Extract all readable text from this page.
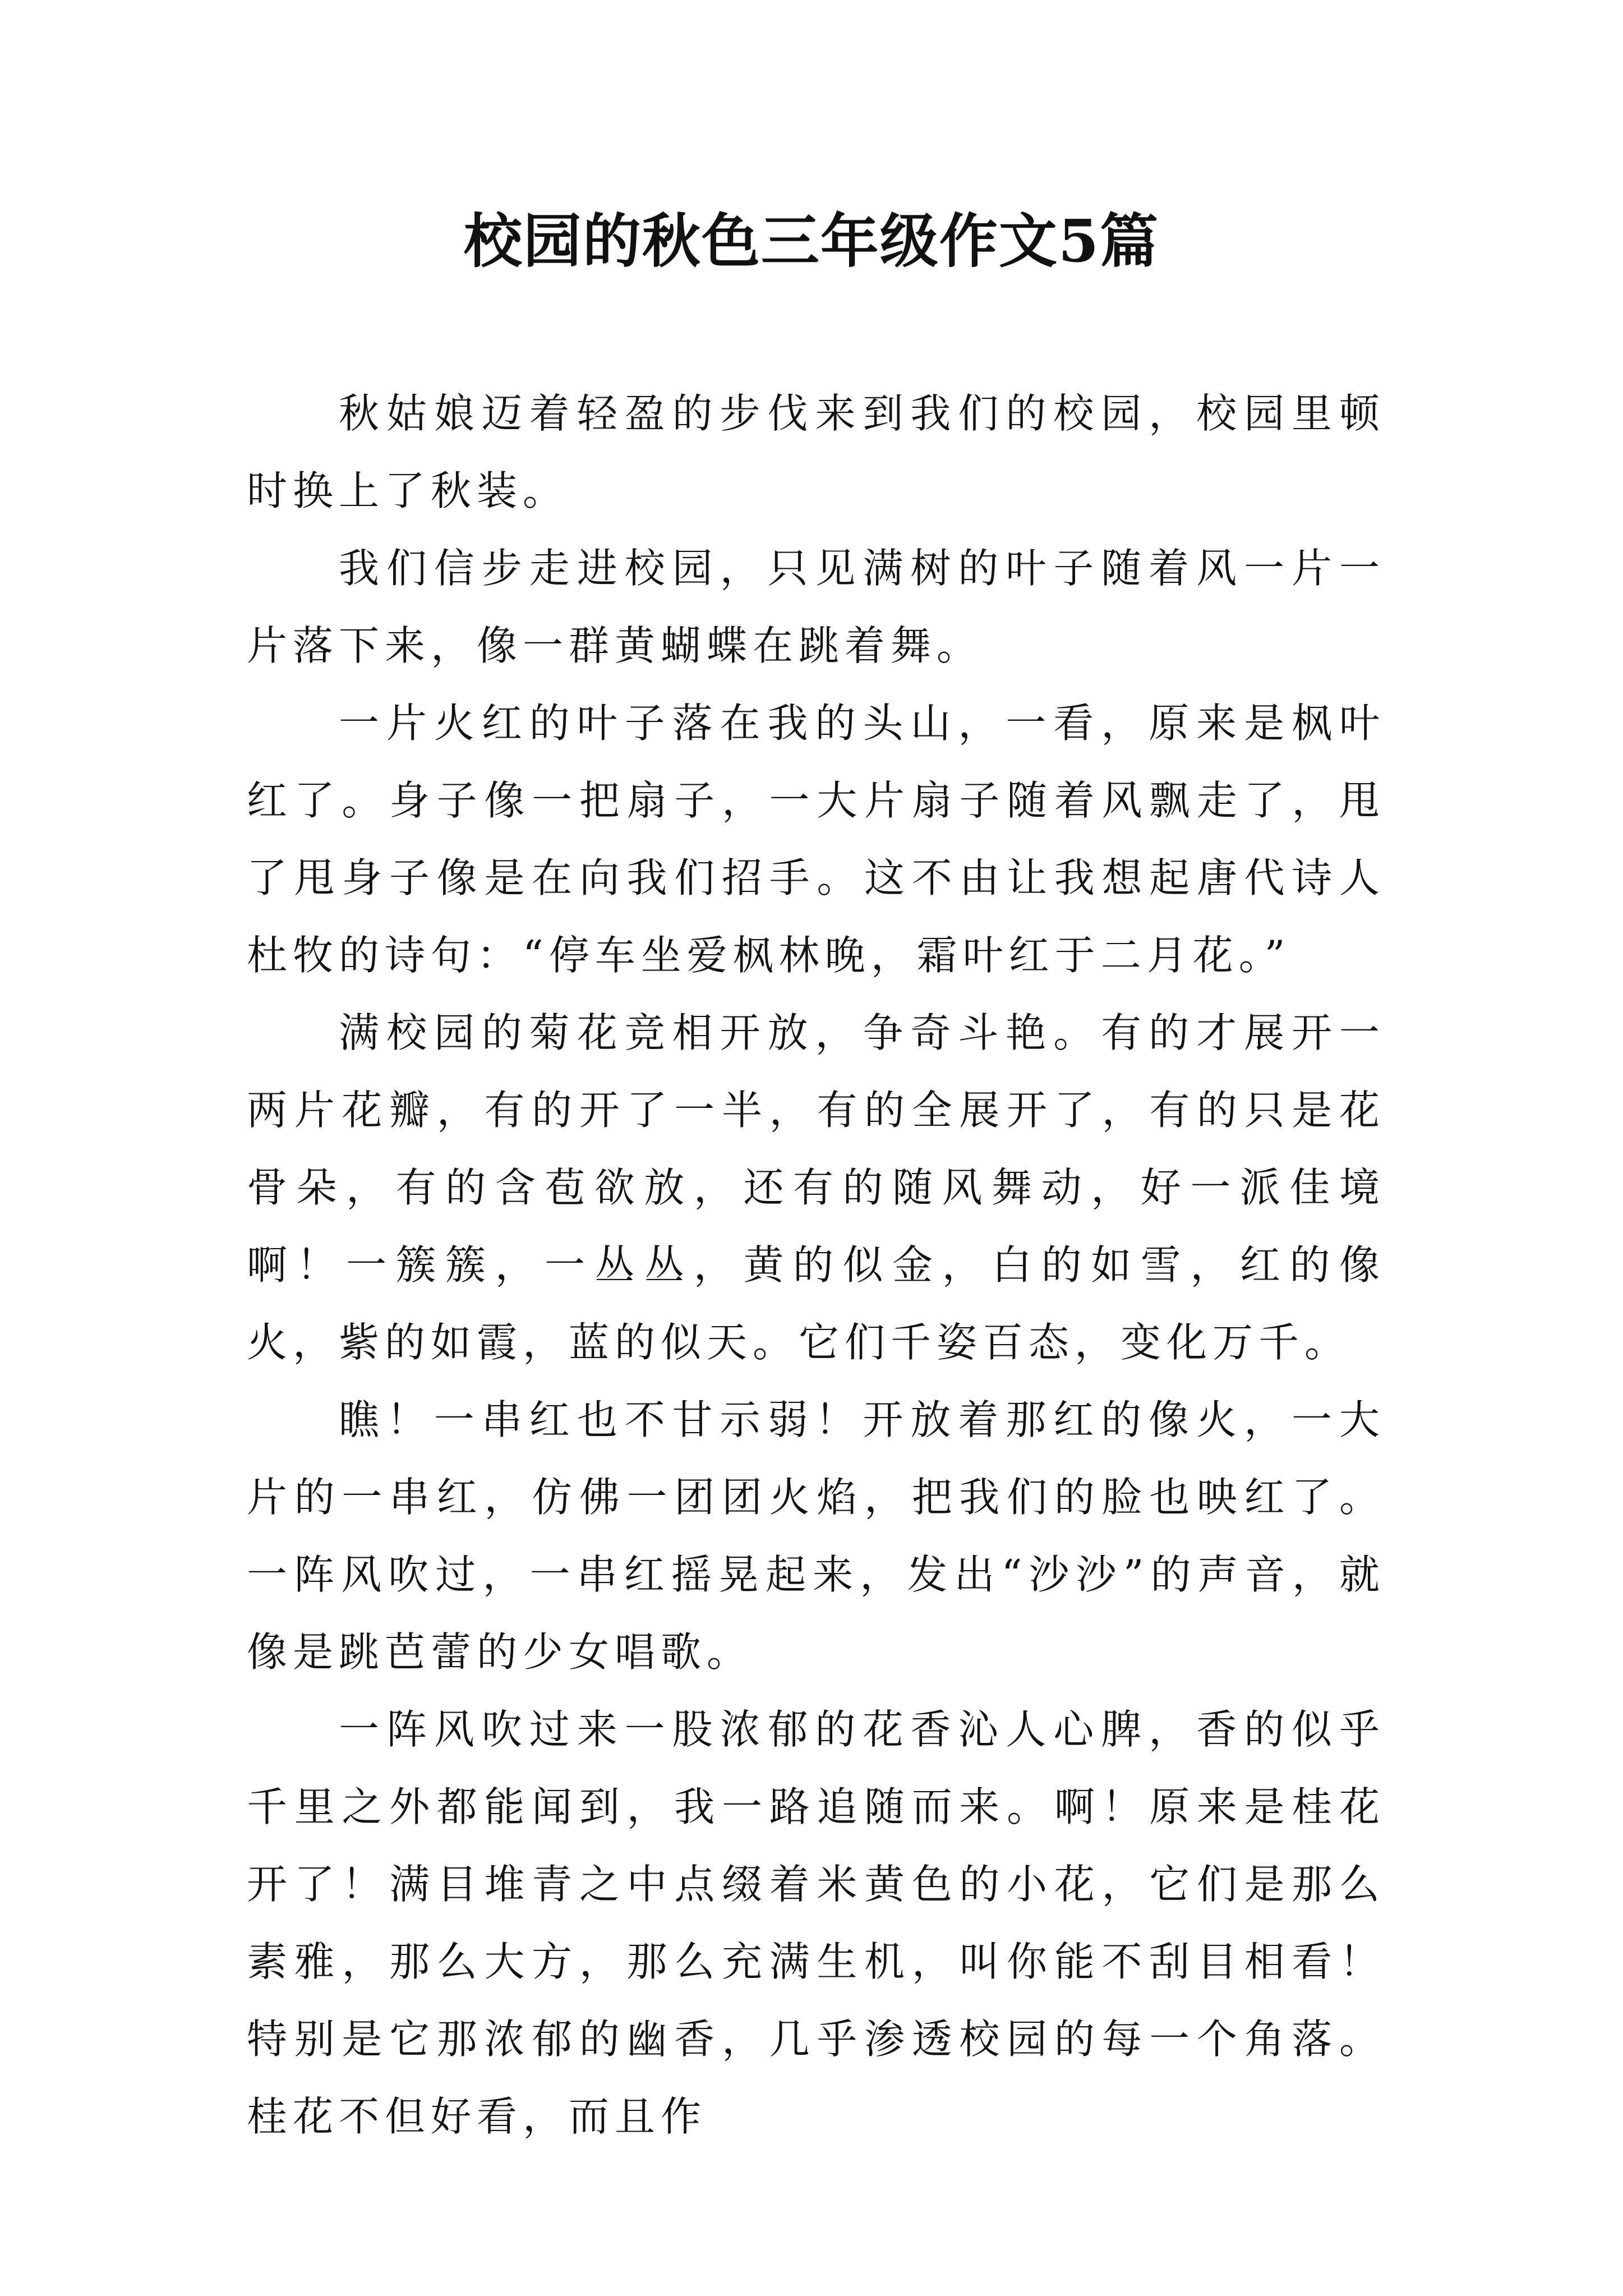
校园的秋色三年级作文5篇

秋姑娘迈着轻盈的步伐来到我们的校园，校园里顿时换上了秋装。

我们信步走进校园，只见满树的叶子随着风一片一片落下来，像一群黄蝴蝶在跳着舞。

一片火红的叶子落在我的头山，一看，原来是枫叶红了。身子像一把扇子，一大片扇子随着风飘走了，甩了甩身子像是在向我们招手。这不由让我想起唐代诗人杜牧的诗句：“停车坐爱枫林晚，霜叶红于二月花。”

满校园的菊花竞相开放，争奇斗艳。有的才展开一两片花瓣，有的开了一半，有的全展开了，有的只是花骨朵，有的含苞欲放，还有的随风舞动，好一派佳境啊！一簇簇，一丛丛，黄的似金，白的如雪，红的像火，紫的如霞，蓝的似天。它们千姿百态，变化万千。

瞧！一串红也不甘示弱！开放着那红的像火，一大片的一串红，仿佛一团团火焰，把我们的脸也映红了。一阵风吹过，一串红摇晃起来，发出“沙沙”的声音，就像是跳芭蕾的少女唱歌。

一阵风吹过来一股浓郁的花香沁人心脾，香的似乎千里之外都能闻到，我一路追随而来。啊！原来是桂花开了！满目堆青之中点缀着米黄色的小花，它们是那么素雅，那么大方，那么充满生机，叫你能不刮目相看！特别是它那浓郁的幽香，几乎渗透校园的每一个角落。桂花不但好看，而且作
